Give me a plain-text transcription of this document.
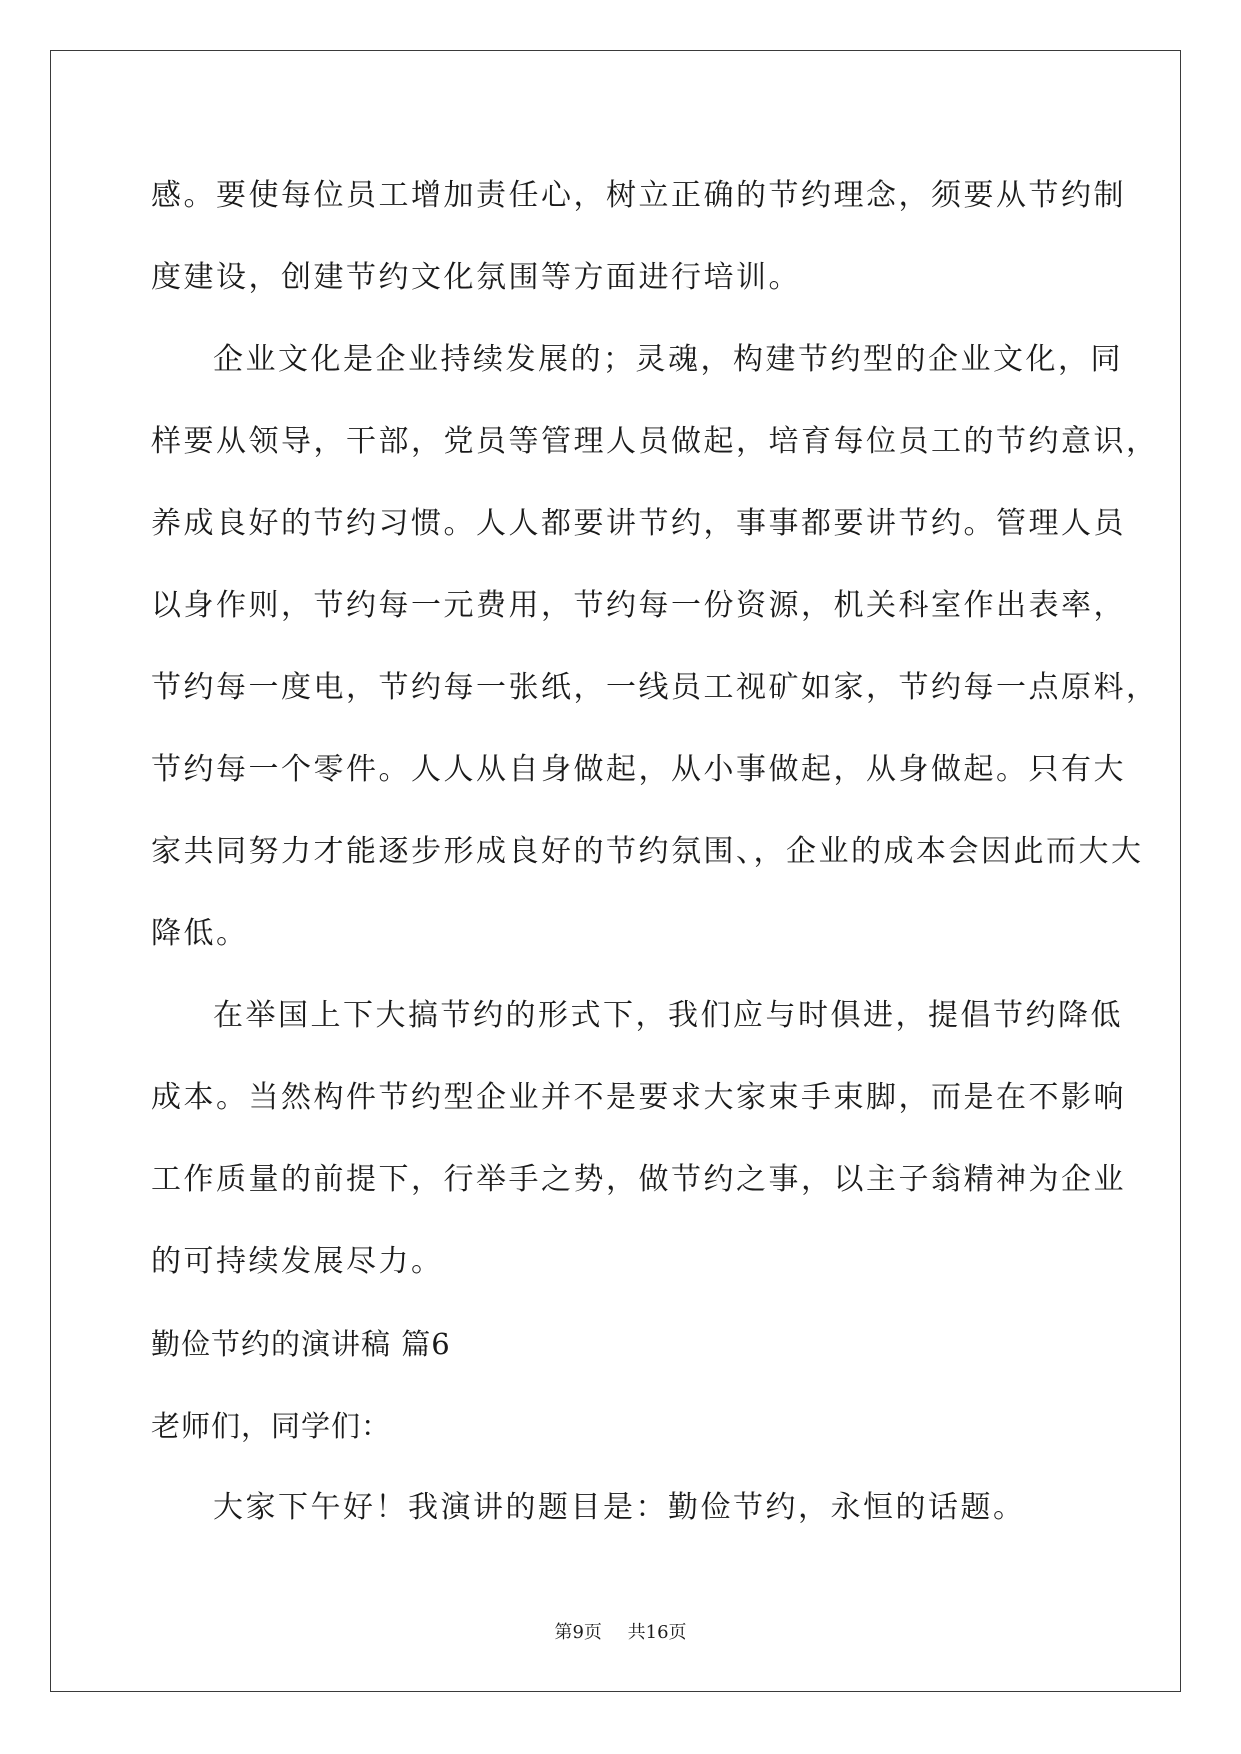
感。要使每位员工增加责任心，树立正确的节约理念，须要从节约制
度建设，创建节约文化氛围等方面进行培训。
企业文化是企业持续发展的；灵魂，构建节约型的企业文化，同
样要从领导，干部，党员等管理人员做起，培育每位员工的节约意识，
养成良好的节约习惯。人人都要讲节约，事事都要讲节约。管理人员
以身作则，节约每一元费用，节约每一份资源，机关科室作出表率，
节约每一度电，节约每一张纸，一线员工视矿如家，节约每一点原料，
节约每一个零件。人人从自身做起，从小事做起，从身做起。只有大
家共同努力才能逐步形成良好的节约氛围、，企业的成本会因此而大大
降低。
在举国上下大搞节约的形式下，我们应与时俱进，提倡节约降低
成本。当然构件节约型企业并不是要求大家束手束脚，而是在不影响
工作质量的前提下，行举手之势，做节约之事，以主子翁精神为企业
的可持续发展尽力。
勤俭节约的演讲稿 篇6
老师们，同学们：
大家下午好！我演讲的题目是：勤俭节约，永恒的话题。
第9页 共16页
